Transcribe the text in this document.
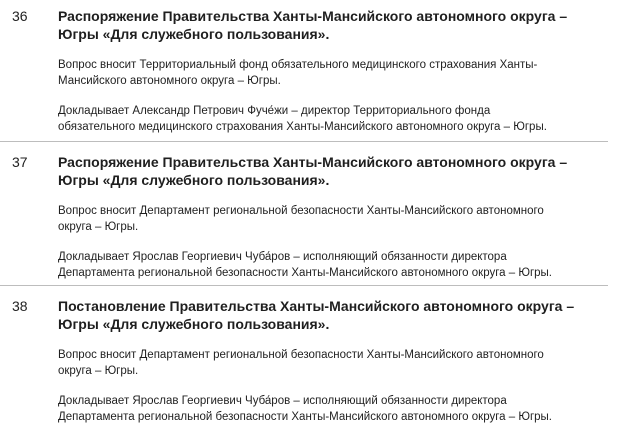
36 Распоряжение Правительства Ханты-Мансийского автономного округа –
Югры «Для служебного пользования».

Вопрос вносит Территориальный фонд обязательного медицинского страхования Ханты-
Мансийского автономного округа – Югры.

Докладывает Александр Петрович Фуче́жи – директор Территориального фонда
обязательного медицинского страхования Ханты-Мансийского автономного округа – Югры.

37 Распоряжение Правительства Ханты-Мансийского автономного округа –
Югры «Для служебного пользования».

Вопрос вносит Департамент региональной безопасности Ханты-Мансийского автономного
округа – Югры.

Докладывает Ярослав Георгиевич Чуба́ров – исполняющий обязанности директора
Департамента региональной безопасности Ханты-Мансийского автономного округа – Югры.

38 Постановление Правительства Ханты-Мансийского автономного округа –
Югры «Для служебного пользования».

Вопрос вносит Департамент региональной безопасности Ханты-Мансийского автономного
округа – Югры.

Докладывает Ярослав Георгиевич Чуба́ров – исполняющий обязанности директора
Департамента региональной безопасности Ханты-Мансийского автономного округа – Югры.
